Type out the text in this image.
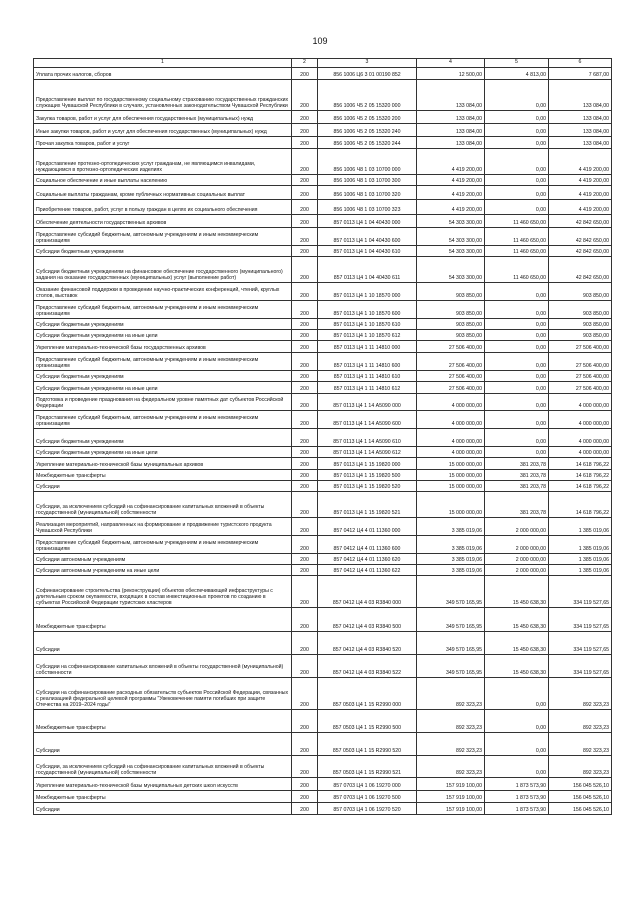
109
1	2	3	4	5	6
Уплата прочих налогов, сборов	200	856 1006 Ц6 3 01 00190 852	12 500,00	4 813,00	7 687,00
Предоставление выплат по государственному социальному страхованию государственных гражданских служащих Чувашской Республики в случаях, установленных законодательством Чувашской Республики	200	856 1006 Ч5 2 05 15320 000	133 084,00	0,00	133 084,00
Закупка товаров, работ и услуг для обеспечения государственных (муниципальных) нужд	200	856 1006 Ч5 2 05 15320 200	133 084,00	0,00	133 084,00
Иные закупки товаров, работ и услуг для обеспечения государственных (муниципальных) нужд	200	856 1006 Ч5 2 05 15320 240	133 084,00	0,00	133 084,00
Прочая закупка товаров, работ и услуг	200	856 1006 Ч5 2 05 15320 244	133 084,00	0,00	133 084,00
Предоставление протезно-ортопедических услуг гражданам, не являющимся инвалидами, нуждающимся в протезно-ортопедических изделиях	200	856 1006 Ч8 1 03 10700 000	4 419 200,00	0,00	4 419 200,00
Социальное обеспечение и иные выплаты населению	200	856 1006 Ч8 1 03 10700 300	4 419 200,00	0,00	4 419 200,00
Социальные выплаты гражданам, кроме публичных нормативных социальных выплат	200	856 1006 Ч8 1 03 10700 320	4 419 200,00	0,00	4 419 200,00
Приобретение товаров, работ, услуг в пользу граждан в целях их социального обеспечения	200	856 1006 Ч8 1 03 10700 323	4 419 200,00	0,00	4 419 200,00
Обеспечение деятельности государственных архивов	200	857 0113 Ц4 1 04 40430 000	54 303 300,00	11 460 650,00	42 842 650,00
Предоставление субсидий бюджетным, автономным учреждениям и иным некоммерческим организациям	200	857 0113 Ц4 1 04 40430 600	54 303 300,00	11 460 650,00	42 842 650,00
Субсидии бюджетным учреждениям	200	857 0113 Ц4 1 04 40430 610	54 303 300,00	11 460 650,00	42 842 650,00
Субсидии бюджетным учреждениям на финансовое обеспечение государственного (муниципального) задания на оказание государственных (муниципальных) услуг (выполнение работ)	200	857 0113 Ц4 1 04 40430 611	54 303 300,00	11 460 650,00	42 842 650,00
Оказание финансовой поддержки в проведении научно-практических конференций, чтений, круглых столов, выставок	200	857 0113 Ц4 1 10 18570 000	903 850,00	0,00	903 850,00
Предоставление субсидий бюджетным, автономным учреждениям и иным некоммерческим организациям	200	857 0113 Ц4 1 10 18570 600	903 850,00	0,00	903 850,00
Субсидии бюджетным учреждениям	200	857 0113 Ц4 1 10 18570 610	903 850,00	0,00	903 850,00
Субсидии бюджетным учреждениям на иные цели	200	857 0113 Ц4 1 10 18570 612	903 850,00	0,00	903 850,00
Укрепление материально-технической базы государственных архивов	200	857 0113 Ц4 1 11 14810 000	27 506 400,00	0,00	27 506 400,00
Предоставление субсидий бюджетным, автономным учреждениям и иным некоммерческим организациям	200	857 0113 Ц4 1 11 14810 600	27 506 400,00	0,00	27 506 400,00
Субсидии бюджетным учреждениям	200	857 0113 Ц4 1 11 14810 610	27 506 400,00	0,00	27 506 400,00
Субсидии бюджетным учреждениям на иные цели	200	857 0113 Ц4 1 11 14810 612	27 506 400,00	0,00	27 506 400,00
Подготовка и проведение празднования на федеральном уровне памятных дат субъектов Российской Федерации	200	857 0113 Ц4 1 14 А5090 000	4 000 000,00	0,00	4 000 000,00
Предоставление субсидий бюджетным, автономным учреждениям и иным некоммерческим организациям	200	857 0113 Ц4 1 14 А5090 600	4 000 000,00	0,00	4 000 000,00
Субсидии бюджетным учреждениям	200	857 0113 Ц4 1 14 А5090 610	4 000 000,00	0,00	4 000 000,00
Субсидии бюджетным учреждениям на иные цели	200	857 0113 Ц4 1 14 А5090 612	4 000 000,00	0,00	4 000 000,00
Укрепление материально-технической базы муниципальных архивов	200	857 0113 Ц4 1 15 19820 000	15 000 000,00	381 203,78	14 618 796,22
Межбюджетные трансферты	200	857 0113 Ц4 1 15 19820 500	15 000 000,00	381 203,78	14 618 796,22
Субсидии	200	857 0113 Ц4 1 15 19820 520	15 000 000,00	381 203,78	14 618 796,22
Субсидии, за исключением субсидий на софинансирование капитальных вложений в объекты государственной (муниципальной) собственности	200	857 0113 Ц4 1 15 19820 521	15 000 000,00	381 203,78	14 618 796,22
Реализация мероприятий, направленных на формирование и продвижение туристского продукта Чувашской Республики	200	857 0412 Ц4 4 01 11360 000	3 385 019,06	2 000 000,00	1 385 019,06
Предоставление субсидий бюджетным, автономным учреждениям и иным некоммерческим организациям	200	857 0412 Ц4 4 01 11360 600	3 385 019,06	2 000 000,00	1 385 019,06
Субсидии автономным учреждениям	200	857 0412 Ц4 4 01 11360 620	3 385 019,06	2 000 000,00	1 385 019,06
Субсидии автономным учреждениям на иные цели	200	857 0412 Ц4 4 01 11360 622	3 385 019,06	2 000 000,00	1 385 019,06
Софинансирование строительства (реконструкции) объектов обеспечивающей инфраструктуры с длительным сроком окупаемости, входящих в состав инвестиционных проектов по созданию в субъектах Российской Федерации туристских кластеров	200	857 0412 Ц4 4 03 R3840 000	349 570 165,95	15 450 638,30	334 119 527,65
Межбюджетные трансферты	200	857 0412 Ц4 4 03 R3840 500	349 570 165,95	15 450 638,30	334 119 527,65
Субсидии	200	857 0412 Ц4 4 03 R3840 520	349 570 165,95	15 450 638,30	334 119 527,65
Субсидии на софинансирование капитальных вложений в объекты государственной (муниципальной) собственности	200	857 0412 Ц4 4 03 R3840 522	349 570 165,95	15 450 638,30	334 119 527,65
Субсидии на софинансирование расходных обязательств субъектов Российской Федерации, связанных с реализацией федеральной целевой программы "Увековечение памяти погибших при защите Отечества на 2019–2024 годы"	200	857 0503 Ц4 1 15 R2990 000	892 323,23	0,00	892 323,23
Межбюджетные трансферты	200	857 0503 Ц4 1 15 R2990 500	892 323,23	0,00	892 323,23
Субсидии	200	857 0503 Ц4 1 15 R2990 520	892 323,23	0,00	892 323,23
Субсидии, за исключением субсидий на софинансирование капитальных вложений в объекты государственной (муниципальной) собственности	200	857 0503 Ц4 1 15 R2990 521	892 323,23	0,00	892 323,23
Укрепление материально-технической базы муниципальных детских школ искусств	200	857 0703 Ц4 1 06 19270 000	157 919 100,00	1 873 573,90	156 045 526,10
Межбюджетные трансферты	200	857 0703 Ц4 1 06 19270 500	157 919 100,00	1 873 573,90	156 045 526,10
Субсидии	200	857 0703 Ц4 1 06 19270 520	157 919 100,00	1 873 573,90	156 045 526,10
